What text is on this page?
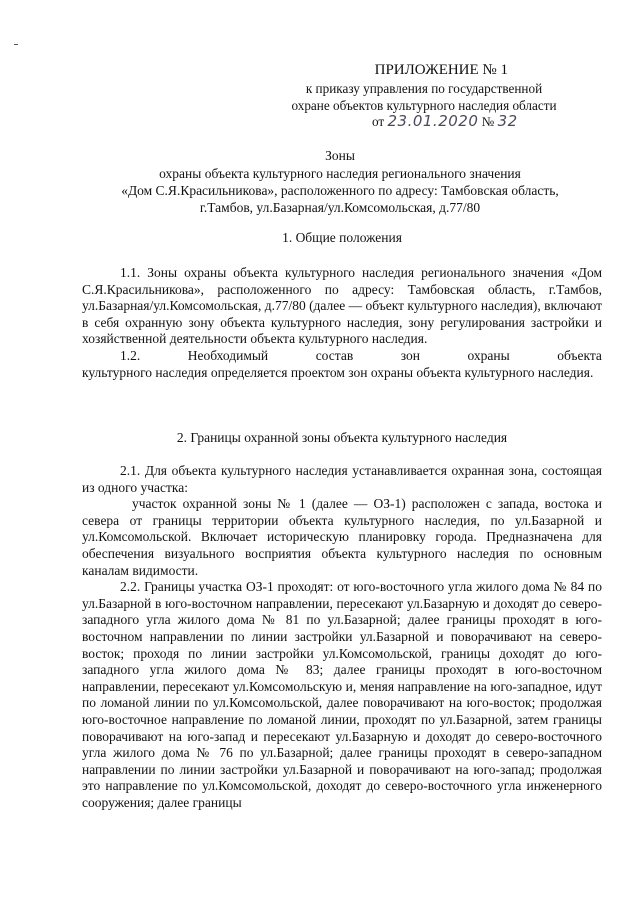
ПРИЛОЖЕНИЕ № 1
к приказу управления по государственной
охране объектов культурного наследия области
от 23.01.2020 № 32
Зоны
охраны объекта культурного наследия регионального значения
«Дом С.Я.Красильникова», расположенного по адресу: Тамбовская область,
г.Тамбов, ул.Базарная/ул.Комсомольская, д.77/80
1. Общие положения

1.1. Зоны охраны объекта культурного наследия регионального значения «Дом С.Я.Красильникова», расположенного по адресу: Тамбовская область, г.Тамбов, ул.Базарная/ул.Комсомольская, д.77/80 (далее — объект культурного наследия), включают в себя охранную зону объекта культурного наследия, зону регулирования застройки и хозяйственной деятельности объекта культурного наследия.

1.2.	Необходимый	состав	зон	охраны	объекта

культурного наследия определяется проектом зон охраны объекта культурного наследия.

2. Границы охранной зоны объекта культурного наследия

2.1. Для объекта культурного наследия устанавливается охранная зона, состоящая из одного участка:

участок охранной зоны № 1 (далее — ОЗ-1) расположен с запада, востока и севера от границы территории объекта культурного наследия, по ул.Базарной и ул.Комсомольской. Включает историческую планировку города. Предназначена для обеспечения визуального восприятия объекта культурного наследия по основным каналам видимости.

2.2. Границы участка ОЗ-1 проходят: от юго-восточного угла жилого дома № 84 по ул.Базарной в юго-восточном направлении, пересекают ул.Базарную и доходят до северо-западного угла жилого дома № 81 по ул.Базарной; далее границы проходят в юго-восточном направлении по линии застройки ул.Базарной и поворачивают на северо-восток; проходя по линии застройки ул.Комсомольской, границы доходят до юго-западного угла жилого дома № 83; далее границы проходят в юго-восточном направлении, пересекают ул.Комсомольскую и, меняя направление на юго-западное, идут по ломаной линии по ул.Комсомольской, далее поворачивают на юго-восток; продолжая юго-восточное направление по ломаной линии, проходят по ул.Базарной, затем границы поворачивают на юго-запад и пересекают ул.Базарную и доходят до северо-восточного угла жилого дома № 76 по ул.Базарной; далее границы проходят в северо-западном направлении по линии застройки ул.Базарной и поворачивают на юго-запад; продолжая это направление по ул.Комсомольской, доходят до северо-восточного угла инженерного сооружения; далее границы
